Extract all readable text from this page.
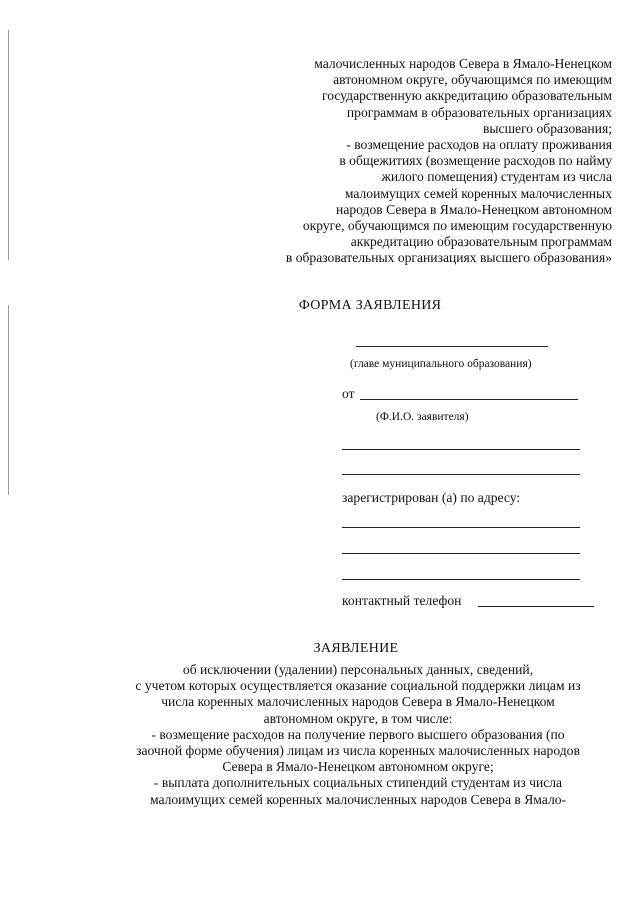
малочисленных народов Севера в Ямало-Ненецком
автономном округе, обучающимся по имеющим
государственную аккредитацию образовательным
программам в образовательных организациях
высшего образования;
- возмещение расходов на оплату проживания
в общежитиях (возмещение расходов по найму
жилого помещения) студентам из числа
малоимущих семей коренных малочисленных
народов Севера в Ямало-Ненецком автономном
округе, обучающимся по имеющим государственную
аккредитацию образовательным программам
в образовательных организациях высшего образования»
ФОРМА ЗАЯВЛЕНИЯ
(главе муниципального образования)
от
(Ф.И.О. заявителя)
зарегистрирован (а) по адресу:
контактный телефон
ЗАЯВЛЕНИЕ
об исключении (удалении) персональных данных, сведений,
с учетом которых осуществляется оказание социальной поддержки лицам из
числа коренных малочисленных народов Севера в Ямало-Ненецком
автономном округе, в том числе:
- возмещение расходов на получение первого высшего образования (по
заочной форме обучения) лицам из числа коренных малочисленных народов
Севера в Ямало-Ненецком автономном округе;
- выплата дополнительных социальных стипендий студентам из числа
малоимущих семей коренных малочисленных народов Севера в Ямало-
